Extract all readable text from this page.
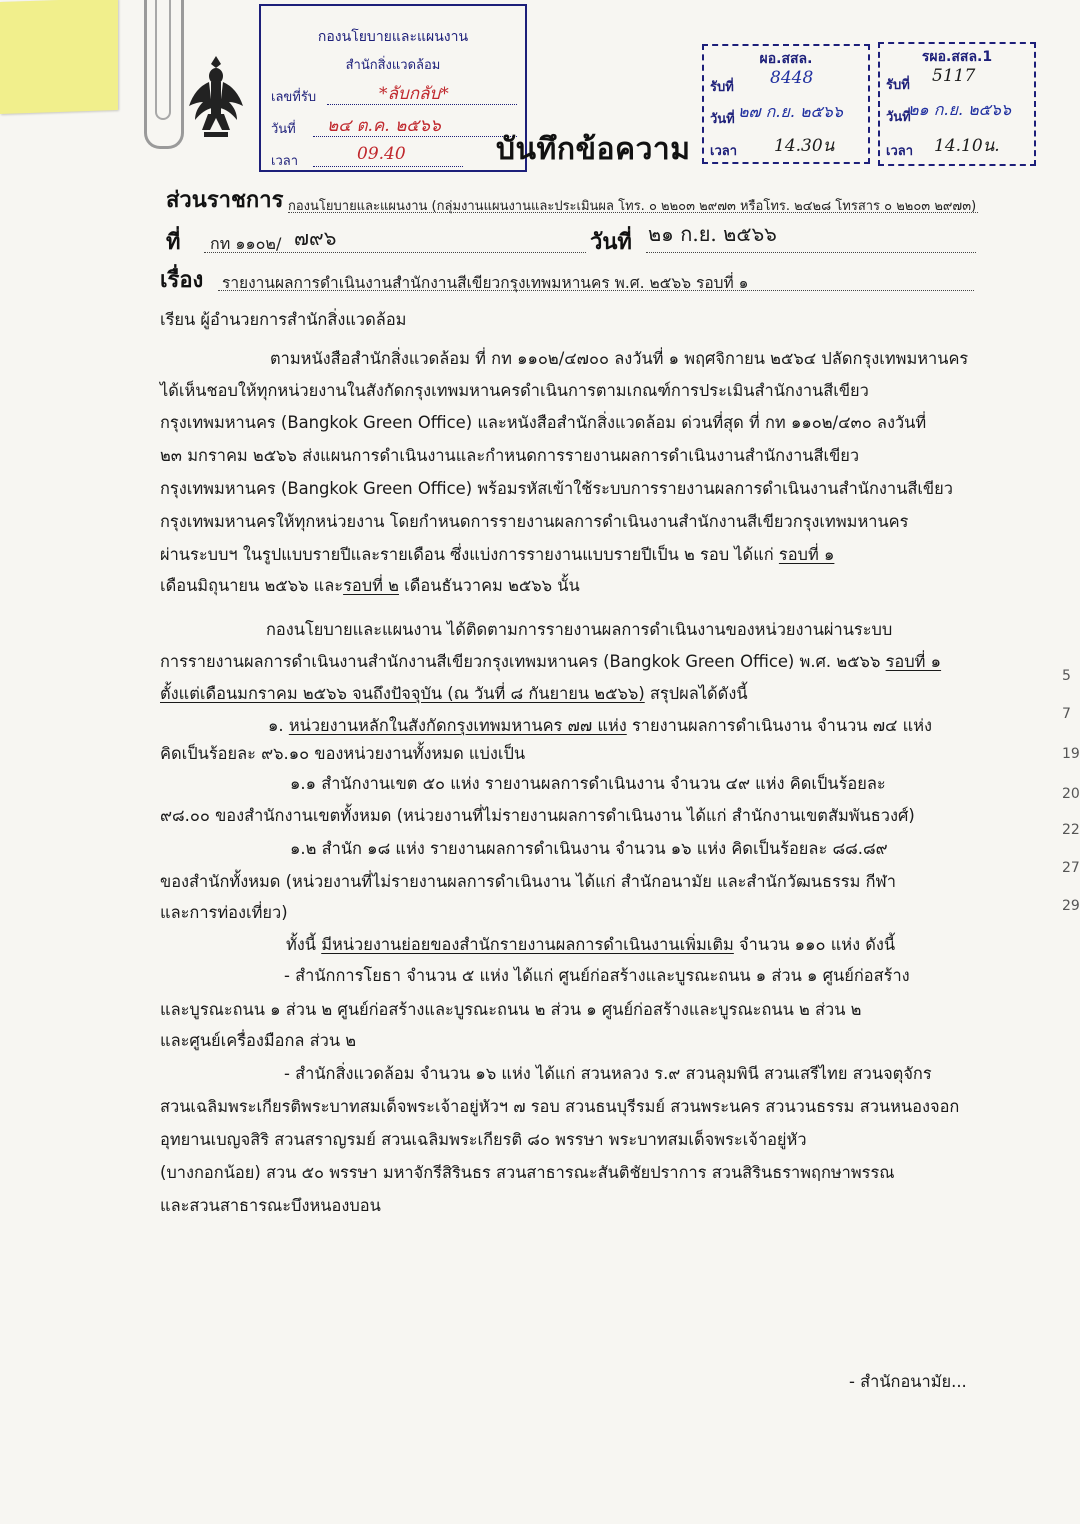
กองนโยบายและแผนงาน
สำนักสิ่งแวดล้อม
เลขที่รับ	*ลับกลับ*
วันที่ ๒๔ ต.ค. ๒๕๖๖
เวลา	09.40
ผอ.สสล.
รับที่ 8448
วันที่ ๒๗ ก.ย. ๒๕๖๖
เวลา 14.30น
รผอ.สสล.1
รับที่ 5117
วันที่
๒๑ ก.ย. ๒๕๖๖
เวลา 14.10น.
บันทึกข้อความ
ส่วนราชการ กองนโยบายและแผนงาน (กลุ่มงานแผนงานและประเมินผล โทร. ๐ ๒๒๐๓ ๒๙๗๓ หรือโทร. ๒๔๒๘ โทรสาร ๐ ๒๒๐๓ ๒๙๗๓)
ที่ กท ๑๑๐๒/ ๗๙๖	วันที่ ๒๑ ก.ย. ๒๕๖๖
เรื่อง รายงานผลการดำเนินงานสำนักงานสีเขียวกรุงเทพมหานคร พ.ศ. ๒๕๖๖ รอบที่ ๑
เรียน ผู้อำนวยการสำนักสิ่งแวดล้อม
ตามหนังสือสำนักสิ่งแวดล้อม ที่ กท ๑๑๐๒/๔๗๐๐ ลงวันที่ ๑ พฤศจิกายน ๒๕๖๔ ปลัดกรุงเทพมหานคร
ได้เห็นชอบให้ทุกหน่วยงานในสังกัดกรุงเทพมหานครดำเนินการตามเกณฑ์การประเมินสำนักงานสีเขียว
กรุงเทพมหานคร (Bangkok Green Office) และหนังสือสำนักสิ่งแวดล้อม ด่วนที่สุด ที่ กท ๑๑๐๒/๔๓๐ ลงวันที่
๒๓ มกราคม ๒๕๖๖ ส่งแผนการดำเนินงานและกำหนดการรายงานผลการดำเนินงานสำนักงานสีเขียว
กรุงเทพมหานคร (Bangkok Green Office) พร้อมรหัสเข้าใช้ระบบการรายงานผลการดำเนินงานสำนักงานสีเขียว
กรุงเทพมหานครให้ทุกหน่วยงาน โดยกำหนดการรายงานผลการดำเนินงานสำนักงานสีเขียวกรุงเทพมหานคร
ผ่านระบบฯ ในรูปแบบรายปีและรายเดือน ซึ่งแบ่งการรายงานแบบรายปีเป็น ๒ รอบ ได้แก่ รอบที่ ๑
เดือนมิถุนายน ๒๕๖๖ และรอบที่ ๒ เดือนธันวาคม ๒๕๖๖ นั้น
กองนโยบายและแผนงาน ได้ติดตามการรายงานผลการดำเนินงานของหน่วยงานผ่านระบบ
การรายงานผลการดำเนินงานสำนักงานสีเขียวกรุงเทพมหานคร (Bangkok Green Office) พ.ศ. ๒๕๖๖ รอบที่ ๑
ตั้งแต่เดือนมกราคม ๒๕๖๖ จนถึงปัจจุบัน (ณ วันที่ ๘ กันยายน ๒๕๖๖) สรุปผลได้ดังนี้
๑. หน่วยงานหลักในสังกัดกรุงเทพมหานคร ๗๗ แห่ง รายงานผลการดำเนินงาน จำนวน ๗๔ แห่ง
คิดเป็นร้อยละ ๙๖.๑๐ ของหน่วยงานทั้งหมด แบ่งเป็น
๑.๑ สำนักงานเขต ๕๐ แห่ง รายงานผลการดำเนินงาน จำนวน ๔๙ แห่ง คิดเป็นร้อยละ
๙๘.๐๐ ของสำนักงานเขตทั้งหมด (หน่วยงานที่ไม่รายงานผลการดำเนินงาน ได้แก่ สำนักงานเขตสัมพันธวงศ์)
๑.๒ สำนัก ๑๘ แห่ง รายงานผลการดำเนินงาน จำนวน ๑๖ แห่ง คิดเป็นร้อยละ ๘๘.๘๙
ของสำนักทั้งหมด (หน่วยงานที่ไม่รายงานผลการดำเนินงาน ได้แก่ สำนักอนามัย และสำนักวัฒนธรรม กีฬา
และการท่องเที่ยว)
ทั้งนี้ มีหน่วยงานย่อยของสำนักรายงานผลการดำเนินงานเพิ่มเติม จำนวน ๑๑๐ แห่ง ดังนี้
- สำนักการโยธา จำนวน ๕ แห่ง ได้แก่ ศูนย์ก่อสร้างและบูรณะถนน ๑ ส่วน ๑ ศูนย์ก่อสร้าง
และบูรณะถนน ๑ ส่วน ๒ ศูนย์ก่อสร้างและบูรณะถนน ๒ ส่วน ๑ ศูนย์ก่อสร้างและบูรณะถนน ๒ ส่วน ๒
และศูนย์เครื่องมือกล ส่วน ๒
- สำนักสิ่งแวดล้อม จำนวน ๑๖ แห่ง ได้แก่ สวนหลวง ร.๙ สวนลุมพินี สวนเสรีไทย สวนจตุจักร
สวนเฉลิมพระเกียรติพระบาทสมเด็จพระเจ้าอยู่หัวฯ ๗ รอบ สวนธนบุรีรมย์ สวนพระนคร สวนวนธรรม สวนหนองจอก
อุทยานเบญจสิริ สวนสราญรมย์ สวนเฉลิมพระเกียรติ ๘๐ พรรษา พระบาทสมเด็จพระเจ้าอยู่หัว
(บางกอกน้อย) สวน ๕๐ พรรษา มหาจักรีสิรินธร สวนสาธารณะสันติชัยปราการ สวนสิรินธราพฤกษาพรรณ
และสวนสาธารณะบึงหนองบอน
5
7
19
20
22
27
29
- สำนักอนามัย...
